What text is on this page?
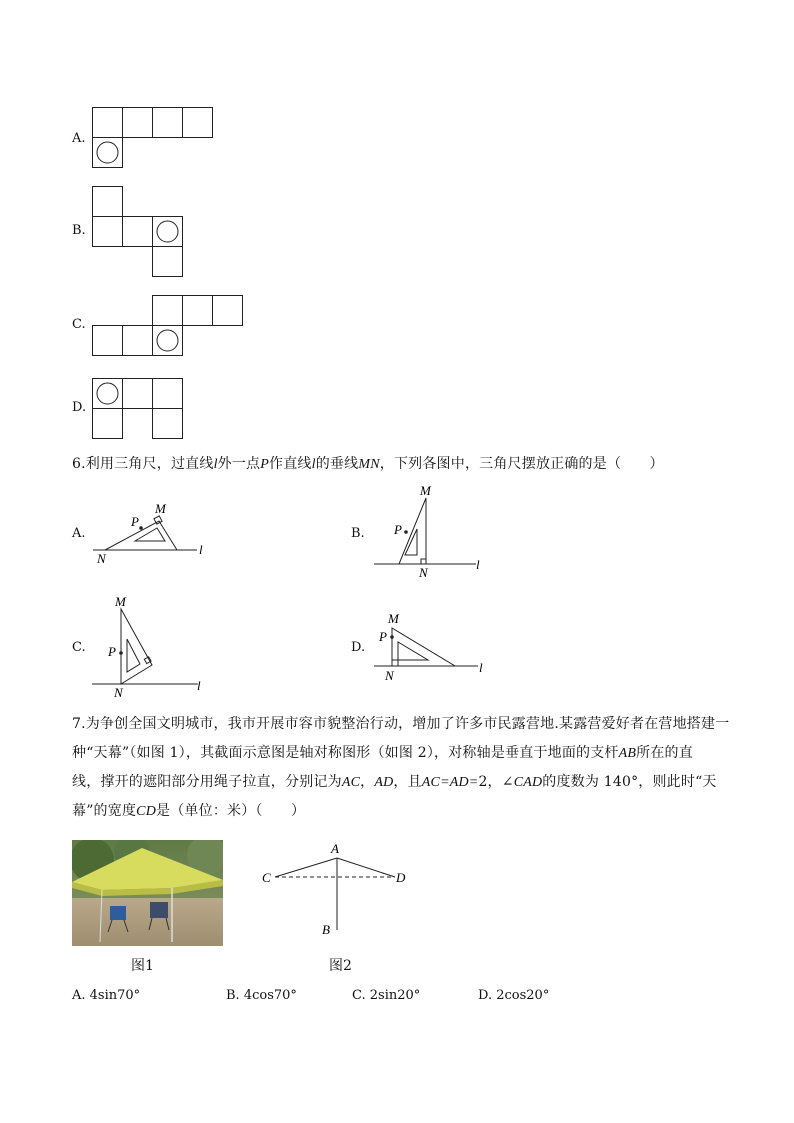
A.
B.
C.
D.
6.利用三角尺，过直线l外一点P作直线l的垂线MN，下列各图中，三角尺摆放正确的是（　　）
A.
M
P
N
l
B.
M
P
N
l
C.
M
P
N	l
D.
M
P
N
l
7.为争创全国文明城市，我市开展市容市貌整治行动，增加了许多市民露营地.某露营爱好者在营地搭建一
种“天幕”（如图 1），其截面示意图是轴对称图形（如图 2），对称轴是垂直于地面的支杆AB所在的直
线，撑开的遮阳部分用绳子拉直，分别记为AC，AD，且AC=AD=2，∠CAD的度数为 140°，则此时“天
幕”的宽度CD是（单位：米）（　　）
图1
A
C	D
B
图2
A. 4sin70°	B. 4cos70°	C. 2sin20°	D. 2cos20°
